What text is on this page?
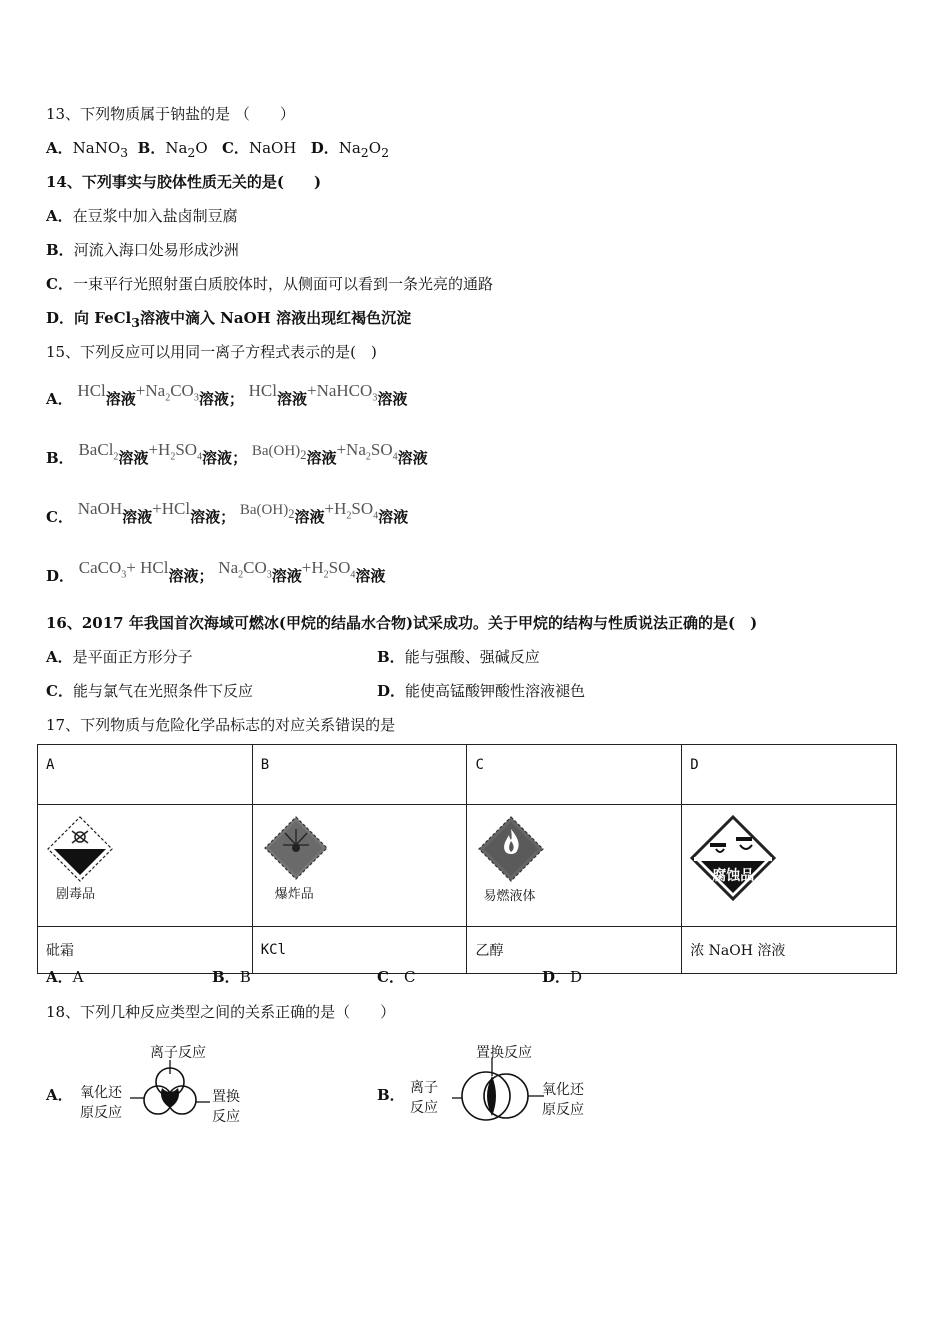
13、下列物质属于钠盐的是 （　　）
A．NaNO$_3$ B．$Na_2O$ C．NaOH D．$Na_2O_2$
14、下列事实与胶体性质无关的是(　　)
A．在豆浆中加入盐卤制豆腐
B．河流入海口处易形成沙洲
C．一束平行光照射蛋白质胶体时，从侧面可以看到一条光亮的通路
D．向 FeCl$_3$溶液中滴入 NaOH 溶液出现红褐色沉淀
15、下列反应可以用同一离子方程式表示的是(　)
A． HCl溶液$+Na_2CO_3$溶液； HCl溶液+NaHCO$_3$溶液
B． BaCl$_2$溶液$+H_2SO_4$溶液； $Ba(OH)_2$溶液$+Na_2SO_4$溶液
C． NaOH溶液+HCl溶液； $Ba(OH)_2$溶液$+H_2SO_4$溶液
D． CaCO$_3$+ HCl溶液； $Na_2CO_3$溶液$+H_2SO_4$溶液
16、2017 年我国首次海域可燃冰(甲烷的结晶水合物)试采成功。关于甲烷的结构与性质说法正确的是(　)
A．是平面正方形分子	B．能与强酸、强碱反应
C．能与氯气在光照条件下反应	D．能使高锰酸钾酸性溶液褪色
17、下列物质与危险化学品标志的对应关系错误的是
A	B	C	D

剧毒品	爆炸品	易燃液体	腐蚀品

砒霜	KCl	乙醇	浓 NaOH 溶液
A．A	B．B	C．C	D．D
18、下列几种反应类型之间的关系正确的是（　　）
A．
离子反应
氧化还
原反应
置换
反应
B．
置换反应
离子
反应
氧化还
原反应
